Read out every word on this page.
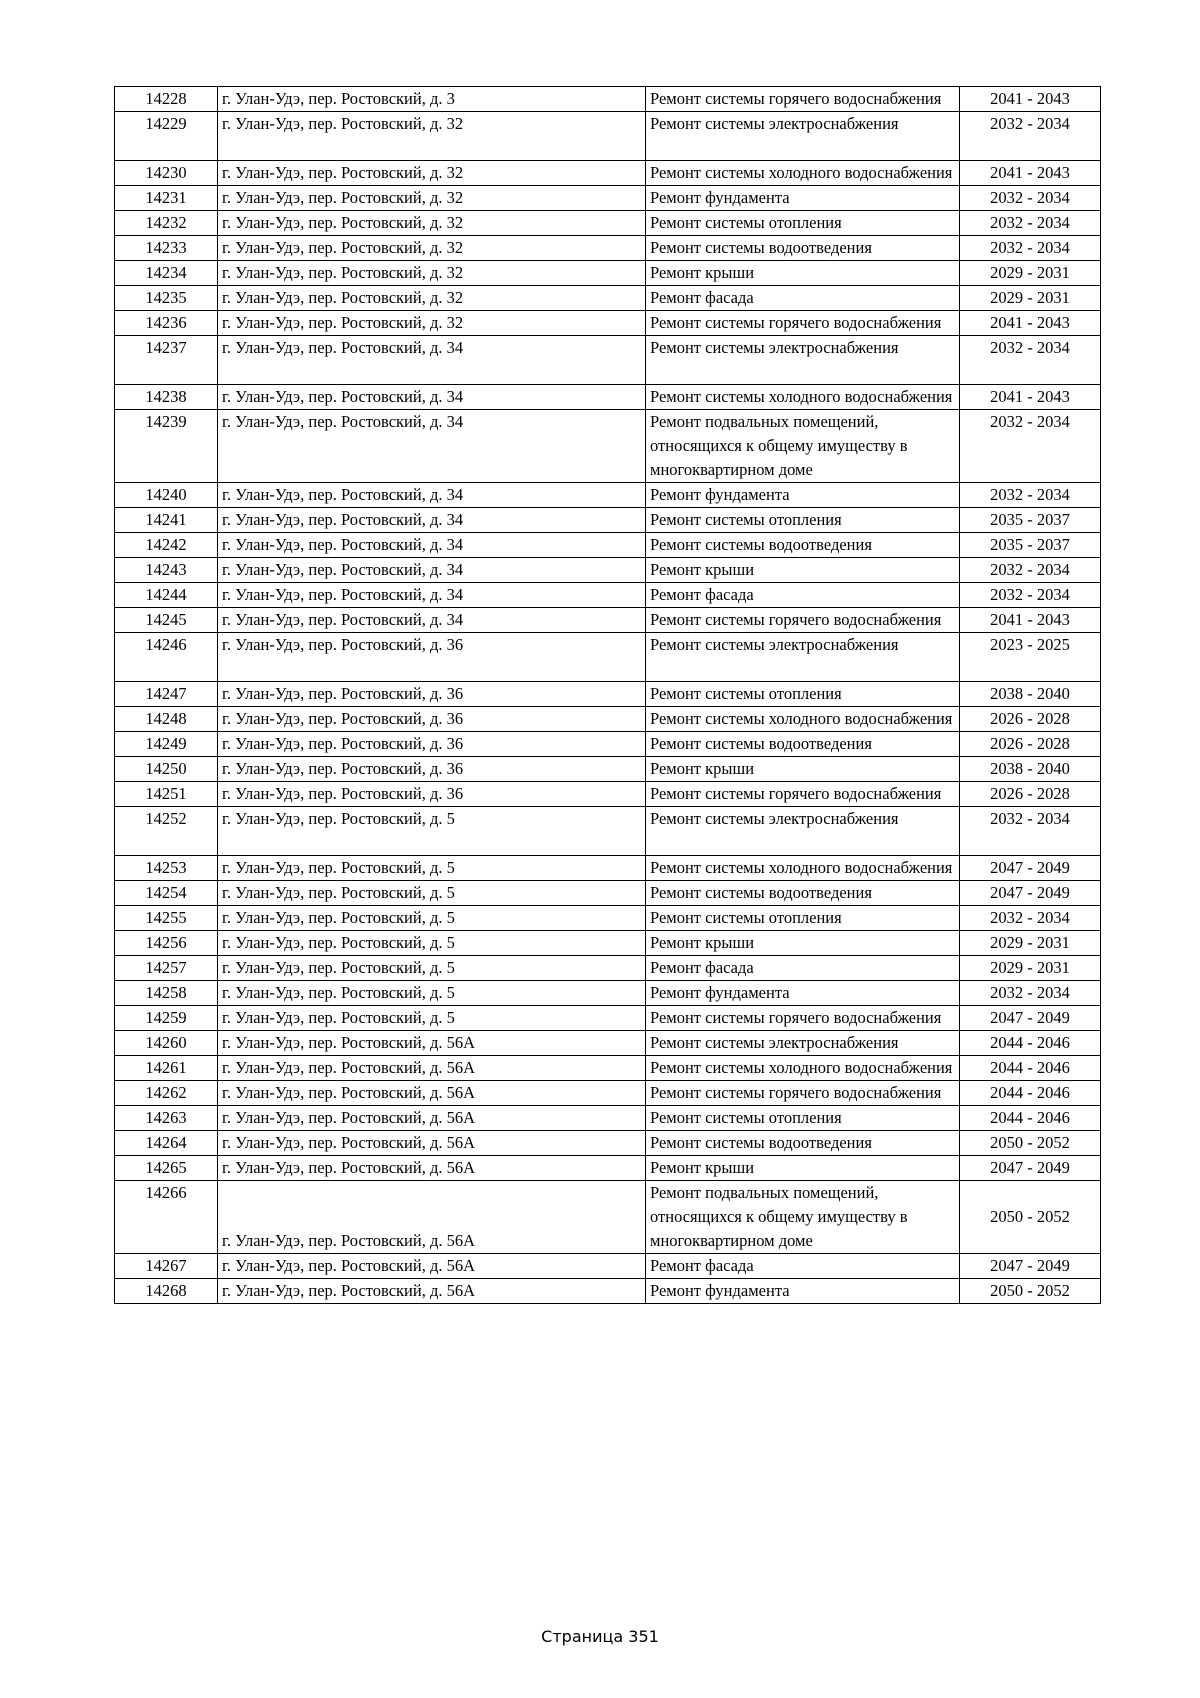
14228	г. Улан-Удэ, пер. Ростовский, д. 3	Ремонт системы горячего водоснабжения	2041 - 2043
14229	г. Улан-Удэ, пер. Ростовский, д. 32	Ремонт системы электроснабжения	2032 - 2034
14230	г. Улан-Удэ, пер. Ростовский, д. 32	Ремонт системы холодного водоснабжения	2041 - 2043
14231	г. Улан-Удэ, пер. Ростовский, д. 32	Ремонт фундамента	2032 - 2034
14232	г. Улан-Удэ, пер. Ростовский, д. 32	Ремонт системы отопления	2032 - 2034
14233	г. Улан-Удэ, пер. Ростовский, д. 32	Ремонт системы водоотведения	2032 - 2034
14234	г. Улан-Удэ, пер. Ростовский, д. 32	Ремонт крыши	2029 - 2031
14235	г. Улан-Удэ, пер. Ростовский, д. 32	Ремонт фасада	2029 - 2031
14236	г. Улан-Удэ, пер. Ростовский, д. 32	Ремонт системы горячего водоснабжения	2041 - 2043
14237	г. Улан-Удэ, пер. Ростовский, д. 34	Ремонт системы электроснабжения	2032 - 2034
14238	г. Улан-Удэ, пер. Ростовский, д. 34	Ремонт системы холодного водоснабжения	2041 - 2043
14239	г. Улан-Удэ, пер. Ростовский, д. 34	Ремонт подвальных помещений, относящихся к общему имуществу в многоквартирном доме	2032 - 2034
14240	г. Улан-Удэ, пер. Ростовский, д. 34	Ремонт фундамента	2032 - 2034
14241	г. Улан-Удэ, пер. Ростовский, д. 34	Ремонт системы отопления	2035 - 2037
14242	г. Улан-Удэ, пер. Ростовский, д. 34	Ремонт системы водоотведения	2035 - 2037
14243	г. Улан-Удэ, пер. Ростовский, д. 34	Ремонт крыши	2032 - 2034
14244	г. Улан-Удэ, пер. Ростовский, д. 34	Ремонт фасада	2032 - 2034
14245	г. Улан-Удэ, пер. Ростовский, д. 34	Ремонт системы горячего водоснабжения	2041 - 2043
14246	г. Улан-Удэ, пер. Ростовский, д. 36	Ремонт системы электроснабжения	2023 - 2025
14247	г. Улан-Удэ, пер. Ростовский, д. 36	Ремонт системы отопления	2038 - 2040
14248	г. Улан-Удэ, пер. Ростовский, д. 36	Ремонт системы холодного водоснабжения	2026 - 2028
14249	г. Улан-Удэ, пер. Ростовский, д. 36	Ремонт системы водоотведения	2026 - 2028
14250	г. Улан-Удэ, пер. Ростовский, д. 36	Ремонт крыши	2038 - 2040
14251	г. Улан-Удэ, пер. Ростовский, д. 36	Ремонт системы горячего водоснабжения	2026 - 2028
14252	г. Улан-Удэ, пер. Ростовский, д. 5	Ремонт системы электроснабжения	2032 - 2034
14253	г. Улан-Удэ, пер. Ростовский, д. 5	Ремонт системы холодного водоснабжения	2047 - 2049
14254	г. Улан-Удэ, пер. Ростовский, д. 5	Ремонт системы водоотведения	2047 - 2049
14255	г. Улан-Удэ, пер. Ростовский, д. 5	Ремонт системы отопления	2032 - 2034
14256	г. Улан-Удэ, пер. Ростовский, д. 5	Ремонт крыши	2029 - 2031
14257	г. Улан-Удэ, пер. Ростовский, д. 5	Ремонт фасада	2029 - 2031
14258	г. Улан-Удэ, пер. Ростовский, д. 5	Ремонт фундамента	2032 - 2034
14259	г. Улан-Удэ, пер. Ростовский, д. 5	Ремонт системы горячего водоснабжения	2047 - 2049
14260	г. Улан-Удэ, пер. Ростовский, д. 56А	Ремонт системы электроснабжения	2044 - 2046
14261	г. Улан-Удэ, пер. Ростовский, д. 56А	Ремонт системы холодного водоснабжения	2044 - 2046
14262	г. Улан-Удэ, пер. Ростовский, д. 56А	Ремонт системы горячего водоснабжения	2044 - 2046
14263	г. Улан-Удэ, пер. Ростовский, д. 56А	Ремонт системы отопления	2044 - 2046
14264	г. Улан-Удэ, пер. Ростовский, д. 56А	Ремонт системы водоотведения	2050 - 2052
14265	г. Улан-Удэ, пер. Ростовский, д. 56А	Ремонт крыши	2047 - 2049
14266	г. Улан-Удэ, пер. Ростовский, д. 56А	Ремонт подвальных помещений, относящихся к общему имуществу в многоквартирном доме	2050 - 2052
14267	г. Улан-Удэ, пер. Ростовский, д. 56А	Ремонт фасада	2047 - 2049
14268	г. Улан-Удэ, пер. Ростовский, д. 56А	Ремонт фундамента	2050 - 2052
Страница 351
